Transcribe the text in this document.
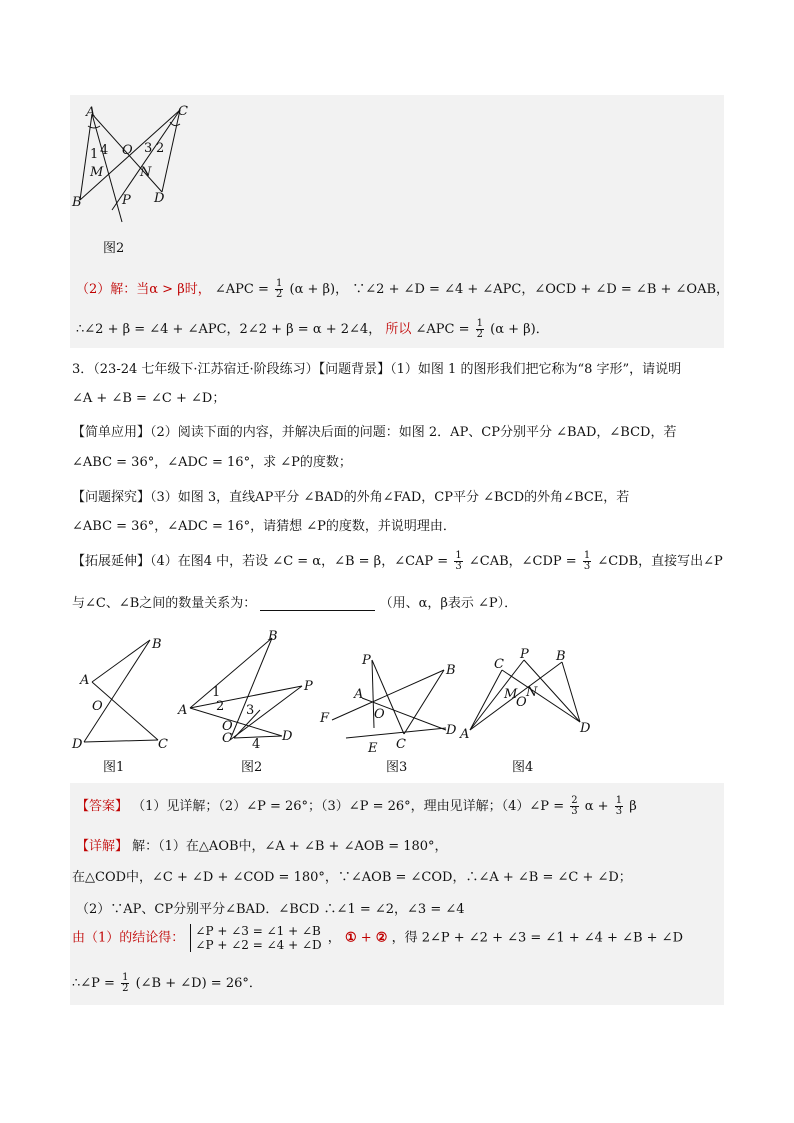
A	C
O
M	N
B	D
P
1 4	3 2
图2
（2）解：当α > β时， ∠APC = $\frac{1}{2} (\alpha + \beta)$， ∵∠2 + ∠D = ∠4 + ∠APC，∠OCD + ∠D = ∠B + ∠OAB，
∴∠2 + β = ∠4 + ∠APC，2∠2 + β = α + 2∠4， 所以 ∠APC = $\frac{1}{2} (\alpha + \beta)$．
3．（23-24 七年级下·江苏宿迁·阶段练习）【问题背景】（1）如图 1 的图形我们把它称为“8 字形”，请说明
∠A + ∠B = ∠C + ∠D；
【简单应用】（2）阅读下面的内容，并解决后面的问题：如图 2．AP、CP分别平分 ∠BAD，∠BCD，若
∠ABC = 36°，∠ADC = 16°，求 ∠P的度数；
【问题探究】（3）如图 3，直线AP平分 ∠BAD的外角∠FAD，CP平分 ∠BCD的外角∠BCE，若
∠ABC = 36°，∠ADC = 16°，请猜想 ∠P的度数，并说明理由．
【拓展延伸】（4）在图4 中，若设 ∠C = α，∠B = β，∠CAP = $\frac{1}{3}$ ∠CAB，∠CDP = $\frac{1}{3}$ ∠CDB，直接写出∠P
与∠C、∠B之间的数量关系为：	（用、α，β表示 ∠P）．
B
A
O
D	C
图1
B
A
P
1
2 3
4
O
C	D
图2
P
B
A
F	O
D
E C
图3
C
P B
M N
O
A	D
图4
【答案】 （1）见详解；（2）∠P = 26°；（3）∠P = 26°，理由见详解；（4）∠P = $\frac{2}{3}$ $\alpha + \frac{1}{3}$ β
【详解】 解：（1）在△AOB中，∠A + ∠B + ∠AOB = 180°，
在△COD中，∠C + ∠D + ∠COD = 180°，∵∠AOB = ∠COD，∴∠A + ∠B = ∠C + ∠D；
（2）∵AP、CP分别平分∠BAD．∠BCD ∴∠1 = ∠2，∠3 = ∠4
由（1）的结论得： ∠P + ∠3 = ∠1 + ∠B
∠P + ∠2 = ∠4 + ∠D ， ① + ② ，得 2∠P + ∠2 + ∠3 = ∠1 + ∠4 + ∠B + ∠D
∴∠P = $\frac{1}{2}$ (∠B + ∠D) = 26°．
